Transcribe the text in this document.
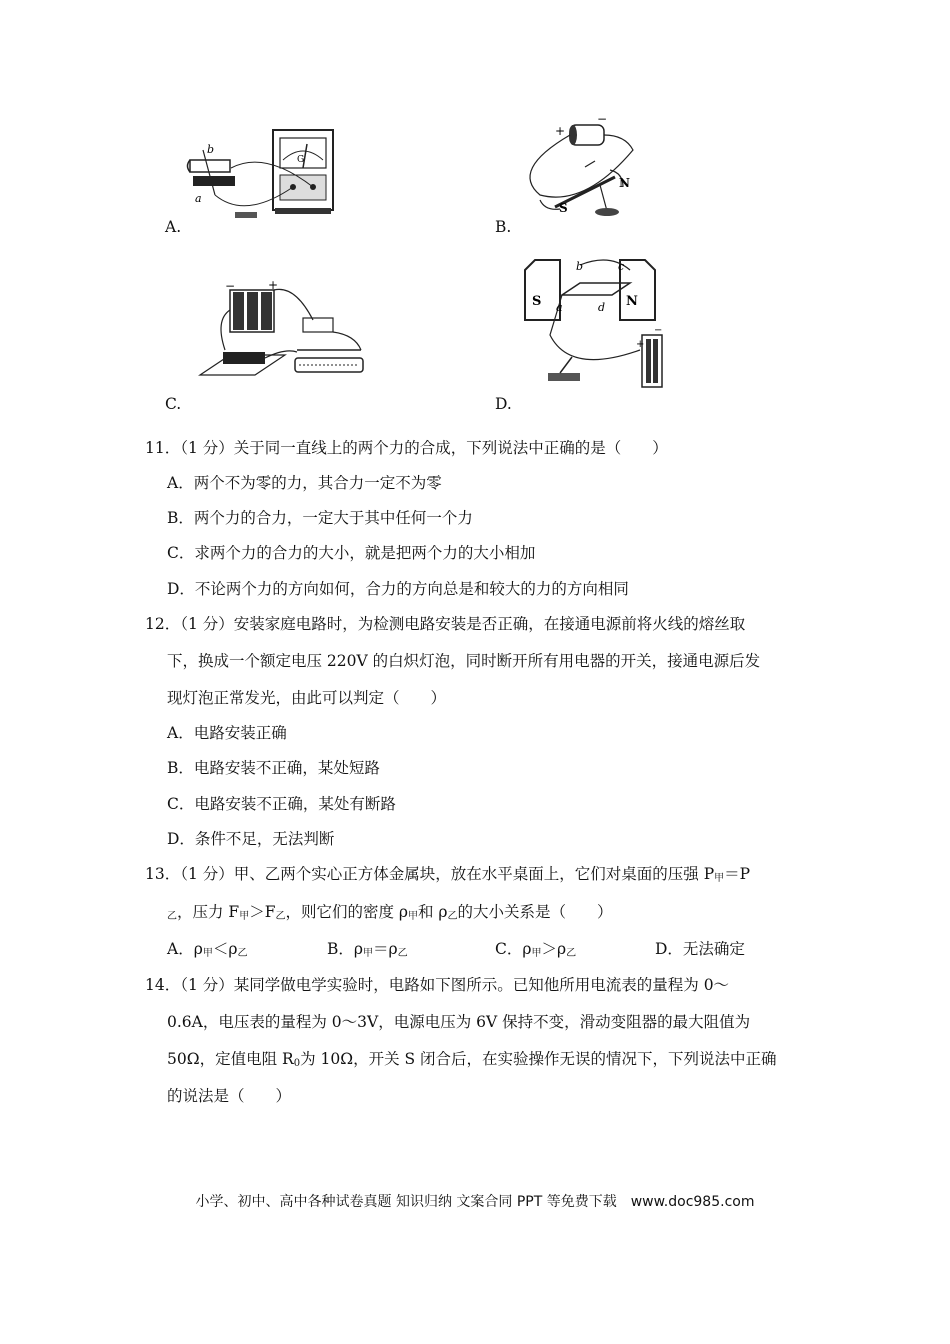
a
b
G
A.
+
−
N
S
B.
+
−
C.
S	N
a
b	c
d
+
−
D.
11．（1 分）关于同一直线上的两个力的合成，下列说法中正确的是（　　）
A．两个不为零的力，其合力一定不为零
B．两个力的合力，一定大于其中任何一个力
C．求两个力的合力的大小，就是把两个力的大小相加
D．不论两个力的方向如何，合力的方向总是和较大的力的方向相同
12．（1 分）安装家庭电路时，为检测电路安装是否正确，在接通电源前将火线的熔丝取
下，换成一个额定电压 220V 的白炽灯泡，同时断开所有用电器的开关，接通电源后发
现灯泡正常发光，由此可以判定（　　）
A．电路安装正确
B．电路安装不正确，某处短路
C．电路安装不正确，某处有断路
D．条件不足，无法判断
13．（1 分）甲、乙两个实心正方体金属块，放在水平桌面上，它们对桌面的压强 $P_甲=P$
$_乙$，压力 $F_甲>F_乙$，则它们的密度 $\rho_甲$和 $\rho_乙$的大小关系是（　　）
A．$\rho_甲<\rho_乙$	B．$\rho_甲=\rho_乙$	C．$\rho_甲>\rho_乙$	D．无法确定
14．（1 分）某同学做电学实验时，电路如下图所示。已知他所用电流表的量程为 0～
0.6A，电压表的量程为 0～3V，电源电压为 6V 保持不变，滑动变阻器的最大阻值为
50Ω，定值电阻 $R_0$为 10Ω，开关 S 闭合后，在实验操作无误的情况下，下列说法中正确
的说法是（　　）
小学、初中、高中各种试卷真题 知识归纳 文案合同 PPT 等免费下载　www.doc985.com
